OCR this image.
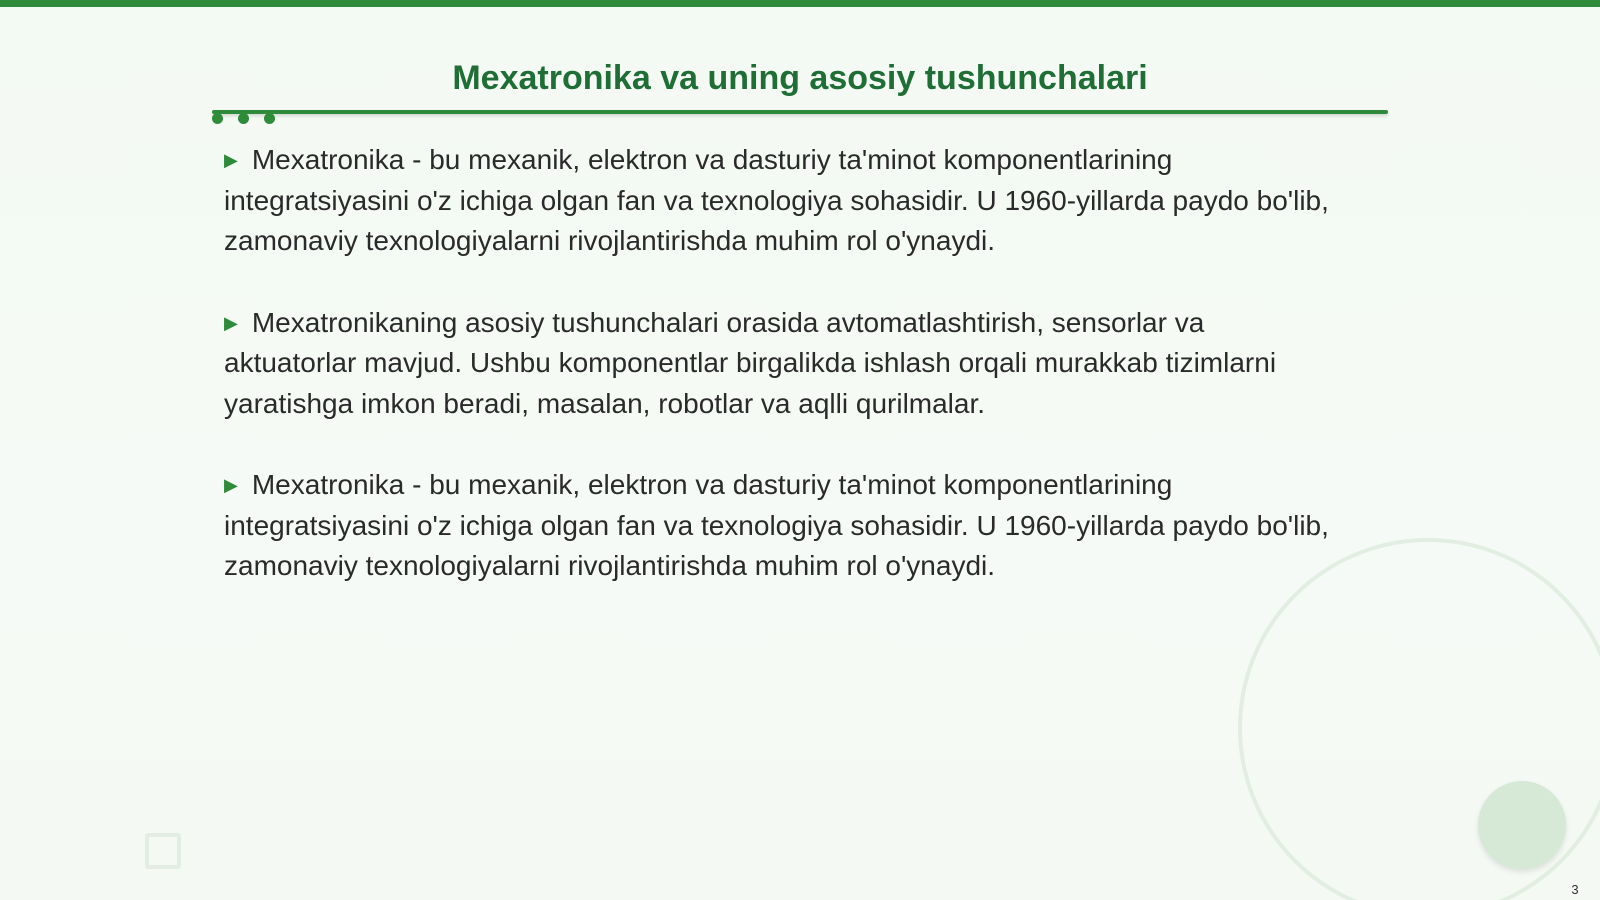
Mexatronika va uning asosiy tushunchalari

▶ Mexatronika - bu mexanik, elektron va dasturiy ta'minot komponentlarining integratsiyasini o'z ichiga olgan fan va texnologiya sohasidir. U 1960-yillarda paydo bo'lib, zamonaviy texnologiyalarni rivojlantirishda muhim rol o'ynaydi.

▶ Mexatronikaning asosiy tushunchalari orasida avtomatlashtirish, sensorlar va aktuatorlar mavjud. Ushbu komponentlar birgalikda ishlash orqali murakkab tizimlarni yaratishga imkon beradi, masalan, robotlar va aqlli qurilmalar.

▶ Mexatronika - bu mexanik, elektron va dasturiy ta'minot komponentlarining integratsiyasini o'z ichiga olgan fan va texnologiya sohasidir. U 1960-yillarda paydo bo'lib, zamonaviy texnologiyalarni rivojlantirishda muhim rol o'ynaydi.

3
